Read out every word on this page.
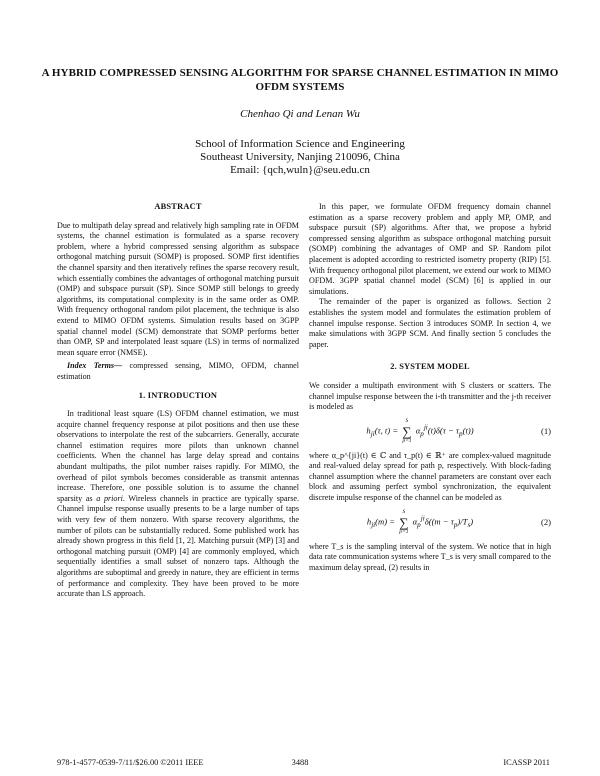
A HYBRID COMPRESSED SENSING ALGORITHM FOR SPARSE CHANNEL ESTIMATION IN MIMO OFDM SYSTEMS
Chenhao Qi and Lenan Wu
School of Information Science and Engineering
Southeast University, Nanjing 210096, China
Email: {qch,wuln}@seu.edu.cn
ABSTRACT

Due to multipath delay spread and relatively high sampling rate in OFDM systems, the channel estimation is formulated as a sparse recovery problem, where a hybrid compressed sensing algorithm as subspace orthogonal matching pursuit (SOMP) is proposed. SOMP first identifies the channel sparsity and then iteratively refines the sparse recovery result, which essentially combines the advantages of orthogonal matching pursuit (OMP) and subspace pursuit (SP). Since SOMP still belongs to greedy algorithms, its computational complexity is in the same order as OMP. With frequency orthogonal random pilot placement, the technique is also extend to MIMO OFDM systems. Simulation results based on 3GPP spatial channel model (SCM) demonstrate that SOMP performs better than OMP, SP and interpolated least square (LS) in terms of normalized mean square error (NMSE).

Index Terms— compressed sensing, MIMO, OFDM, channel estimation

1. INTRODUCTION

In traditional least square (LS) OFDM channel estimation, we must acquire channel frequency response at pilot positions and then use these observations to interpolate the rest of the subcarriers. Generally, accurate channel estimation requires more pilots than unknown channel coefficients. When the channel has large delay spread and contains abundant multipaths, the pilot number raises rapidly. For MIMO, the overhead of pilot symbols becomes considerable as transmit antennas increase. Therefore, one possible solution is to assume the channel sparsity as a priori. Wireless channels in practice are typically sparse. Channel impulse response usually presents to be a large number of taps with very few of them nonzero. With sparse recovery algorithms, the number of pilots can be substantially reduced. Some published work has already shown progress in this field [1, 2]. Matching pursuit (MP) [3] and orthogonal matching pursuit (OMP) [4] are commonly employed, which sequentially identifies a small subset of nonzero taps. Although the algorithms are suboptimal and greedy in nature, they are efficient in terms of performance and complexity. They have been proved to be more accurate than LS approach.

In this paper, we formulate OFDM frequency domain channel estimation as a sparse recovery problem and apply MP, OMP, and subspace pursuit (SP) algorithms. After that, we propose a hybrid compressed sensing algorithm as subspace orthogonal matching pursuit (SOMP) combining the advantages of OMP and SP. Random pilot placement is adopted according to restricted isometry property (RIP) [5]. With frequency orthogonal pilot placement, we extend our work to MIMO OFDM. 3GPP spatial channel model (SCM) [6] is applied in our simulations.

The remainder of the paper is organized as follows. Section 2 establishes the system model and formulates the estimation problem of channel impulse response. Section 3 introduces SOMP. In section 4, we make simulations with 3GPP SCM. And finally section 5 concludes the paper.

2. SYSTEM MODEL

We consider a multipath environment with S clusters or scatters. The channel impulse response between the i-th transmitter and the j-th receiver is modeled as

$h_{ji}(\tau$, t) =
S
∑
p=1
$\alpha_p^{ji}(t)\delta(\tau - \tau_p(t))$	(1)

where α_p^{ji}(t) ∈ ℂ and τ_p(t) ∈ ℝ⁺ are complex-valued magnitude and real-valued delay spread for path p, respectively. With block-fading channel assumption where the channel parameters are constant over each block and assuming perfect symbol synchronization, the equivalent discrete impulse response of the channel can be modeled as

$h_{ji}(m)$ =
S
∑
p=1
$\alpha_p^{ji}\delta((m - \tau_p)/T_s)$	(2)

where T_s is the sampling interval of the system. We notice that in high data rate communication systems where T_s is very small compared to the maximum delay spread, (2) results in

978-1-4577-0539-7/11/$26.00 ©2011 IEEE	3488	ICASSP 2011
